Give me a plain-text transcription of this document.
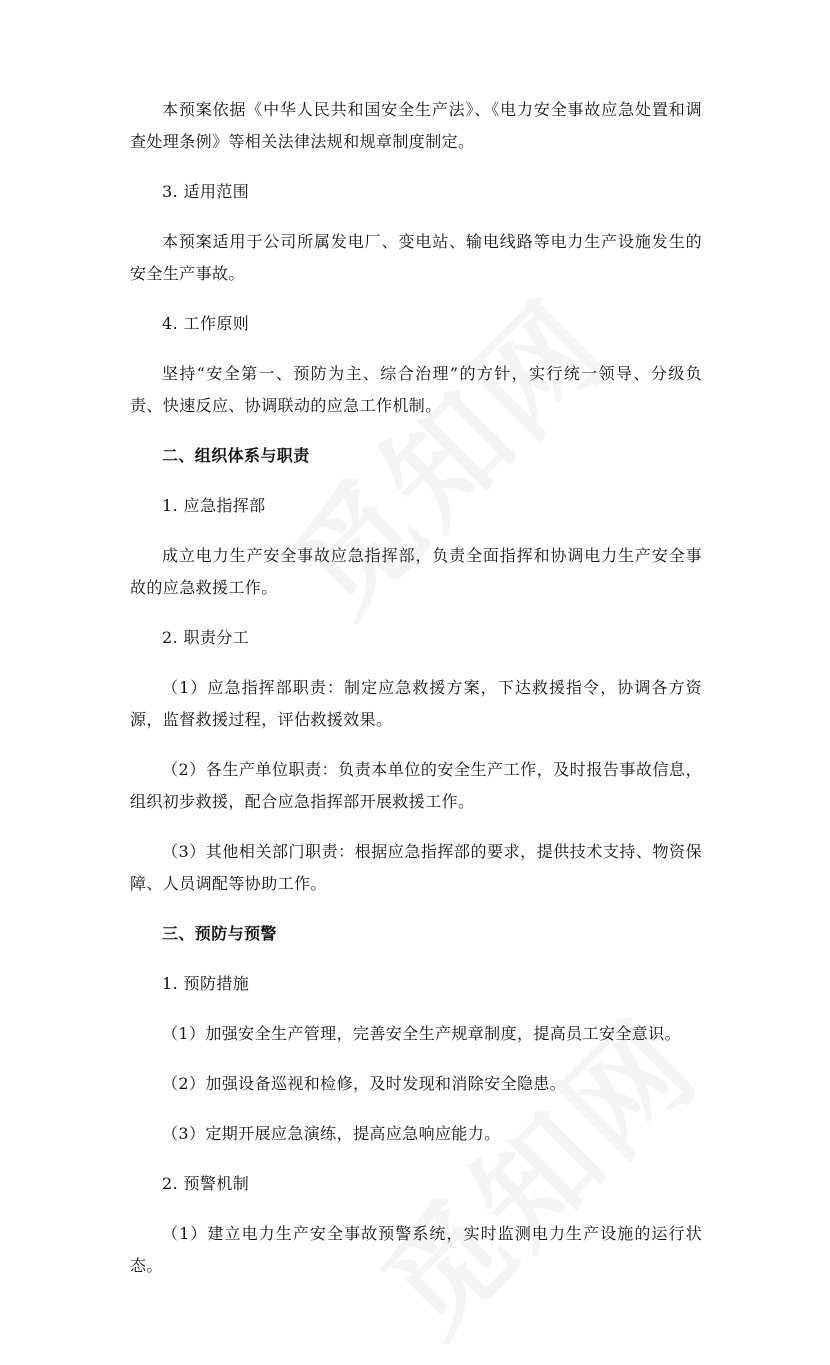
本预案依据《中华人民共和国安全生产法》、《电力安全事故应急处置和调查处理条例》等相关法律法规和规章制度制定。

3. 适用范围

本预案适用于公司所属发电厂、变电站、输电线路等电力生产设施发生的安全生产事故。

4. 工作原则

坚持“安全第一、预防为主、综合治理”的方针，实行统一领导、分级负责、快速反应、协调联动的应急工作机制。

二、组织体系与职责

1. 应急指挥部

成立电力生产安全事故应急指挥部，负责全面指挥和协调电力生产安全事故的应急救援工作。

2. 职责分工

（1）应急指挥部职责：制定应急救援方案，下达救援指令，协调各方资源，监督救援过程，评估救援效果。

（2）各生产单位职责：负责本单位的安全生产工作，及时报告事故信息，组织初步救援，配合应急指挥部开展救援工作。

（3）其他相关部门职责：根据应急指挥部的要求，提供技术支持、物资保障、人员调配等协助工作。

三、预防与预警

1. 预防措施

（1）加强安全生产管理，完善安全生产规章制度，提高员工安全意识。

（2）加强设备巡视和检修，及时发现和消除安全隐患。

（3）定期开展应急演练，提高应急响应能力。

2. 预警机制

（1）建立电力生产安全事故预警系统，实时监测电力生产设施的运行状态。
